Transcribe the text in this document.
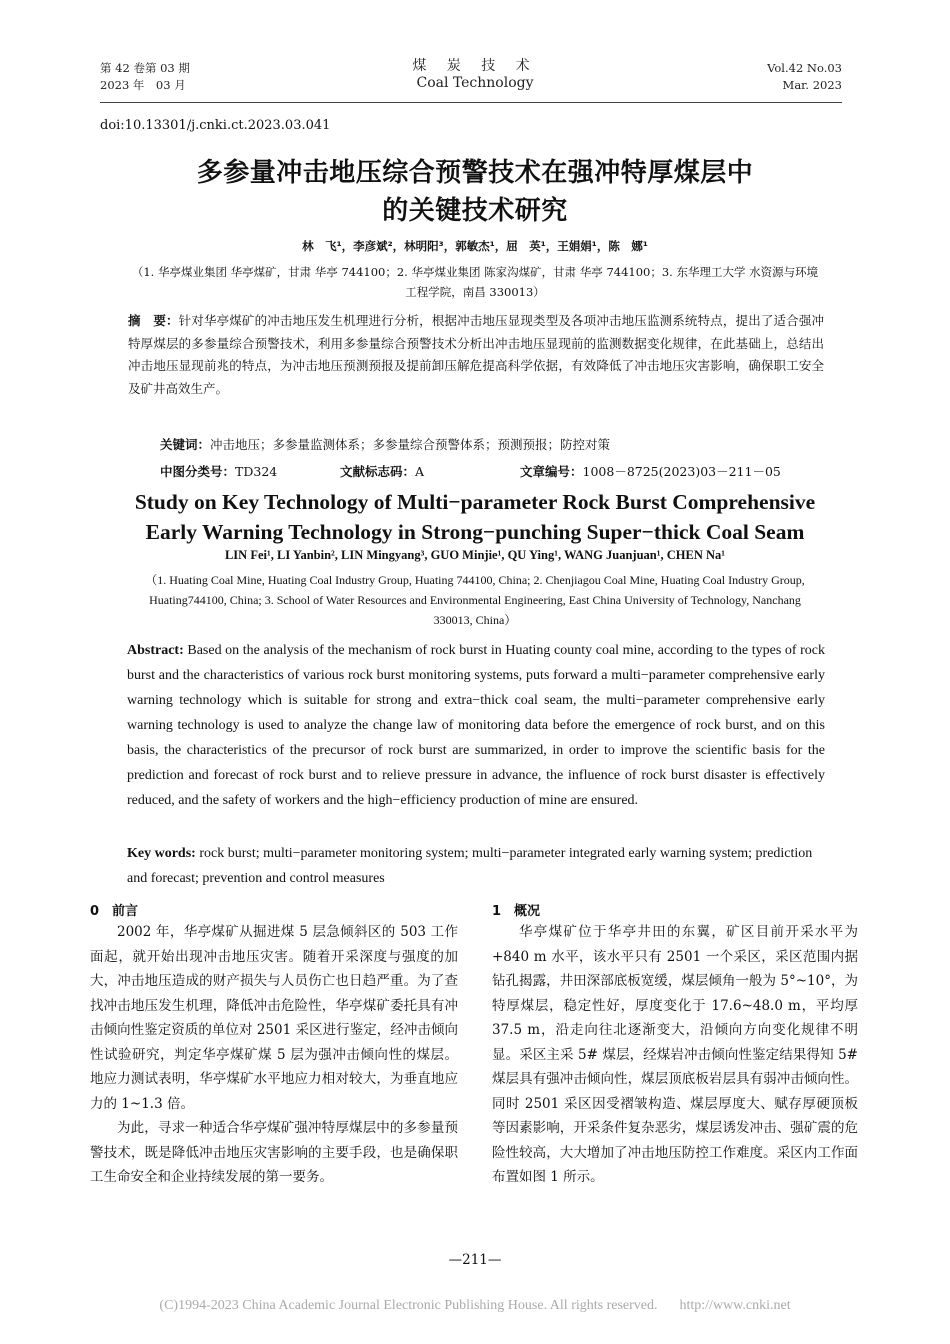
第 42 卷第 03 期
2023 年　03 月
煤 炭 技 术
Coal Technology
Vol.42 No.03
Mar. 2023
doi:10.13301/j.cnki.ct.2023.03.041
多参量冲击地压综合预警技术在强冲特厚煤层中
的关键技术研究
林　飞¹，李彦斌²，林明阳³，郭敏杰¹，屈　英¹，王娟娟¹，陈　娜¹
（1. 华亭煤业集团 华亭煤矿，甘肃 华亭 744100；2. 华亭煤业集团 陈家沟煤矿，甘肃 华亭 744100；3. 东华理工大学 水资源与环境工程学院，南昌 330013）
摘　要：针对华亭煤矿的冲击地压发生机理进行分析，根据冲击地压显现类型及各项冲击地压监测系统特点，提出了适合强冲特厚煤层的多参量综合预警技术，利用多参量综合预警技术分析出冲击地压显现前的监测数据变化规律，在此基础上，总结出冲击地压显现前兆的特点，为冲击地压预测预报及提前卸压解危提高科学依据，有效降低了冲击地压灾害影响，确保职工安全及矿井高效生产。
关键词：冲击地压；多参量监测体系；多参量综合预警体系；预测预报；防控对策
中图分类号：TD324	文献标志码：A	文章编号：1008－8725(2023)03－211－05
Study on Key Technology of Multi−parameter Rock Burst Comprehensive
Early Warning Technology in Strong−punching Super−thick Coal Seam
LIN Fei¹, LI Yanbin², LIN Mingyang³, GUO Minjie¹, QU Ying¹, WANG Juanjuan¹, CHEN Na¹
（1. Huating Coal Mine, Huating Coal Industry Group, Huating 744100, China; 2. Chenjiagou Coal Mine, Huating Coal Industry Group, Huating744100, China; 3. School of Water Resources and Environmental Engineering, East China University of Technology, Nanchang 330013, China）
Abstract: Based on the analysis of the mechanism of rock burst in Huating county coal mine, according to the types of rock burst and the characteristics of various rock burst monitoring systems, puts forward a multi−parameter comprehensive early warning technology which is suitable for strong and extra−thick coal seam, the multi−parameter comprehensive early warning technology is used to analyze the change law of monitoring data before the emergence of rock burst, and on this basis, the characteristics of the precursor of rock burst are summarized, in order to improve the scientific basis for the prediction and forecast of rock burst and to relieve pressure in advance, the influence of rock burst disaster is effectively reduced, and the safety of workers and the high−efficiency production of mine are ensured.
Key words: rock burst; multi−parameter monitoring system; multi−parameter integrated early warning system; prediction and forecast; prevention and control measures
0　前言

2002 年，华亭煤矿从掘进煤 5 层急倾斜区的 503 工作面起，就开始出现冲击地压灾害。随着开采深度与强度的加大，冲击地压造成的财产损失与人员伤亡也日趋严重。为了查找冲击地压发生机理，降低冲击危险性，华亭煤矿委托具有冲击倾向性鉴定资质的单位对 2501 采区进行鉴定，经冲击倾向性试验研究，判定华亭煤矿煤 5 层为强冲击倾向性的煤层。地应力测试表明，华亭煤矿水平地应力相对较大，为垂直地应力的 1~1.3 倍。

为此，寻求一种适合华亭煤矿强冲特厚煤层中的多参量预警技术，既是降低冲击地压灾害影响的主要手段，也是确保职工生命安全和企业持续发展的第一要务。

1　概况

华亭煤矿位于华亭井田的东翼，矿区目前开采水平为+840 m 水平，该水平只有 2501 一个采区，采区范围内据钻孔揭露，井田深部底板宽缓，煤层倾角一般为 5°~10°，为特厚煤层，稳定性好，厚度变化于 17.6~48.0 m，平均厚 37.5 m，沿走向往北逐渐变大，沿倾向方向变化规律不明显。采区主采 5# 煤层，经煤岩冲击倾向性鉴定结果得知 5# 煤层具有强冲击倾向性，煤层顶底板岩层具有弱冲击倾向性。同时 2501 采区因受褶皱构造、煤层厚度大、赋存厚硬顶板等因素影响，开采条件复杂恶劣，煤层诱发冲击、强矿震的危险性较高，大大增加了冲击地压防控工作难度。采区内工作面布置如图 1 所示。

—211—
(C)1994-2023 China Academic Journal Electronic Publishing House. All rights reserved. http://www.cnki.net
